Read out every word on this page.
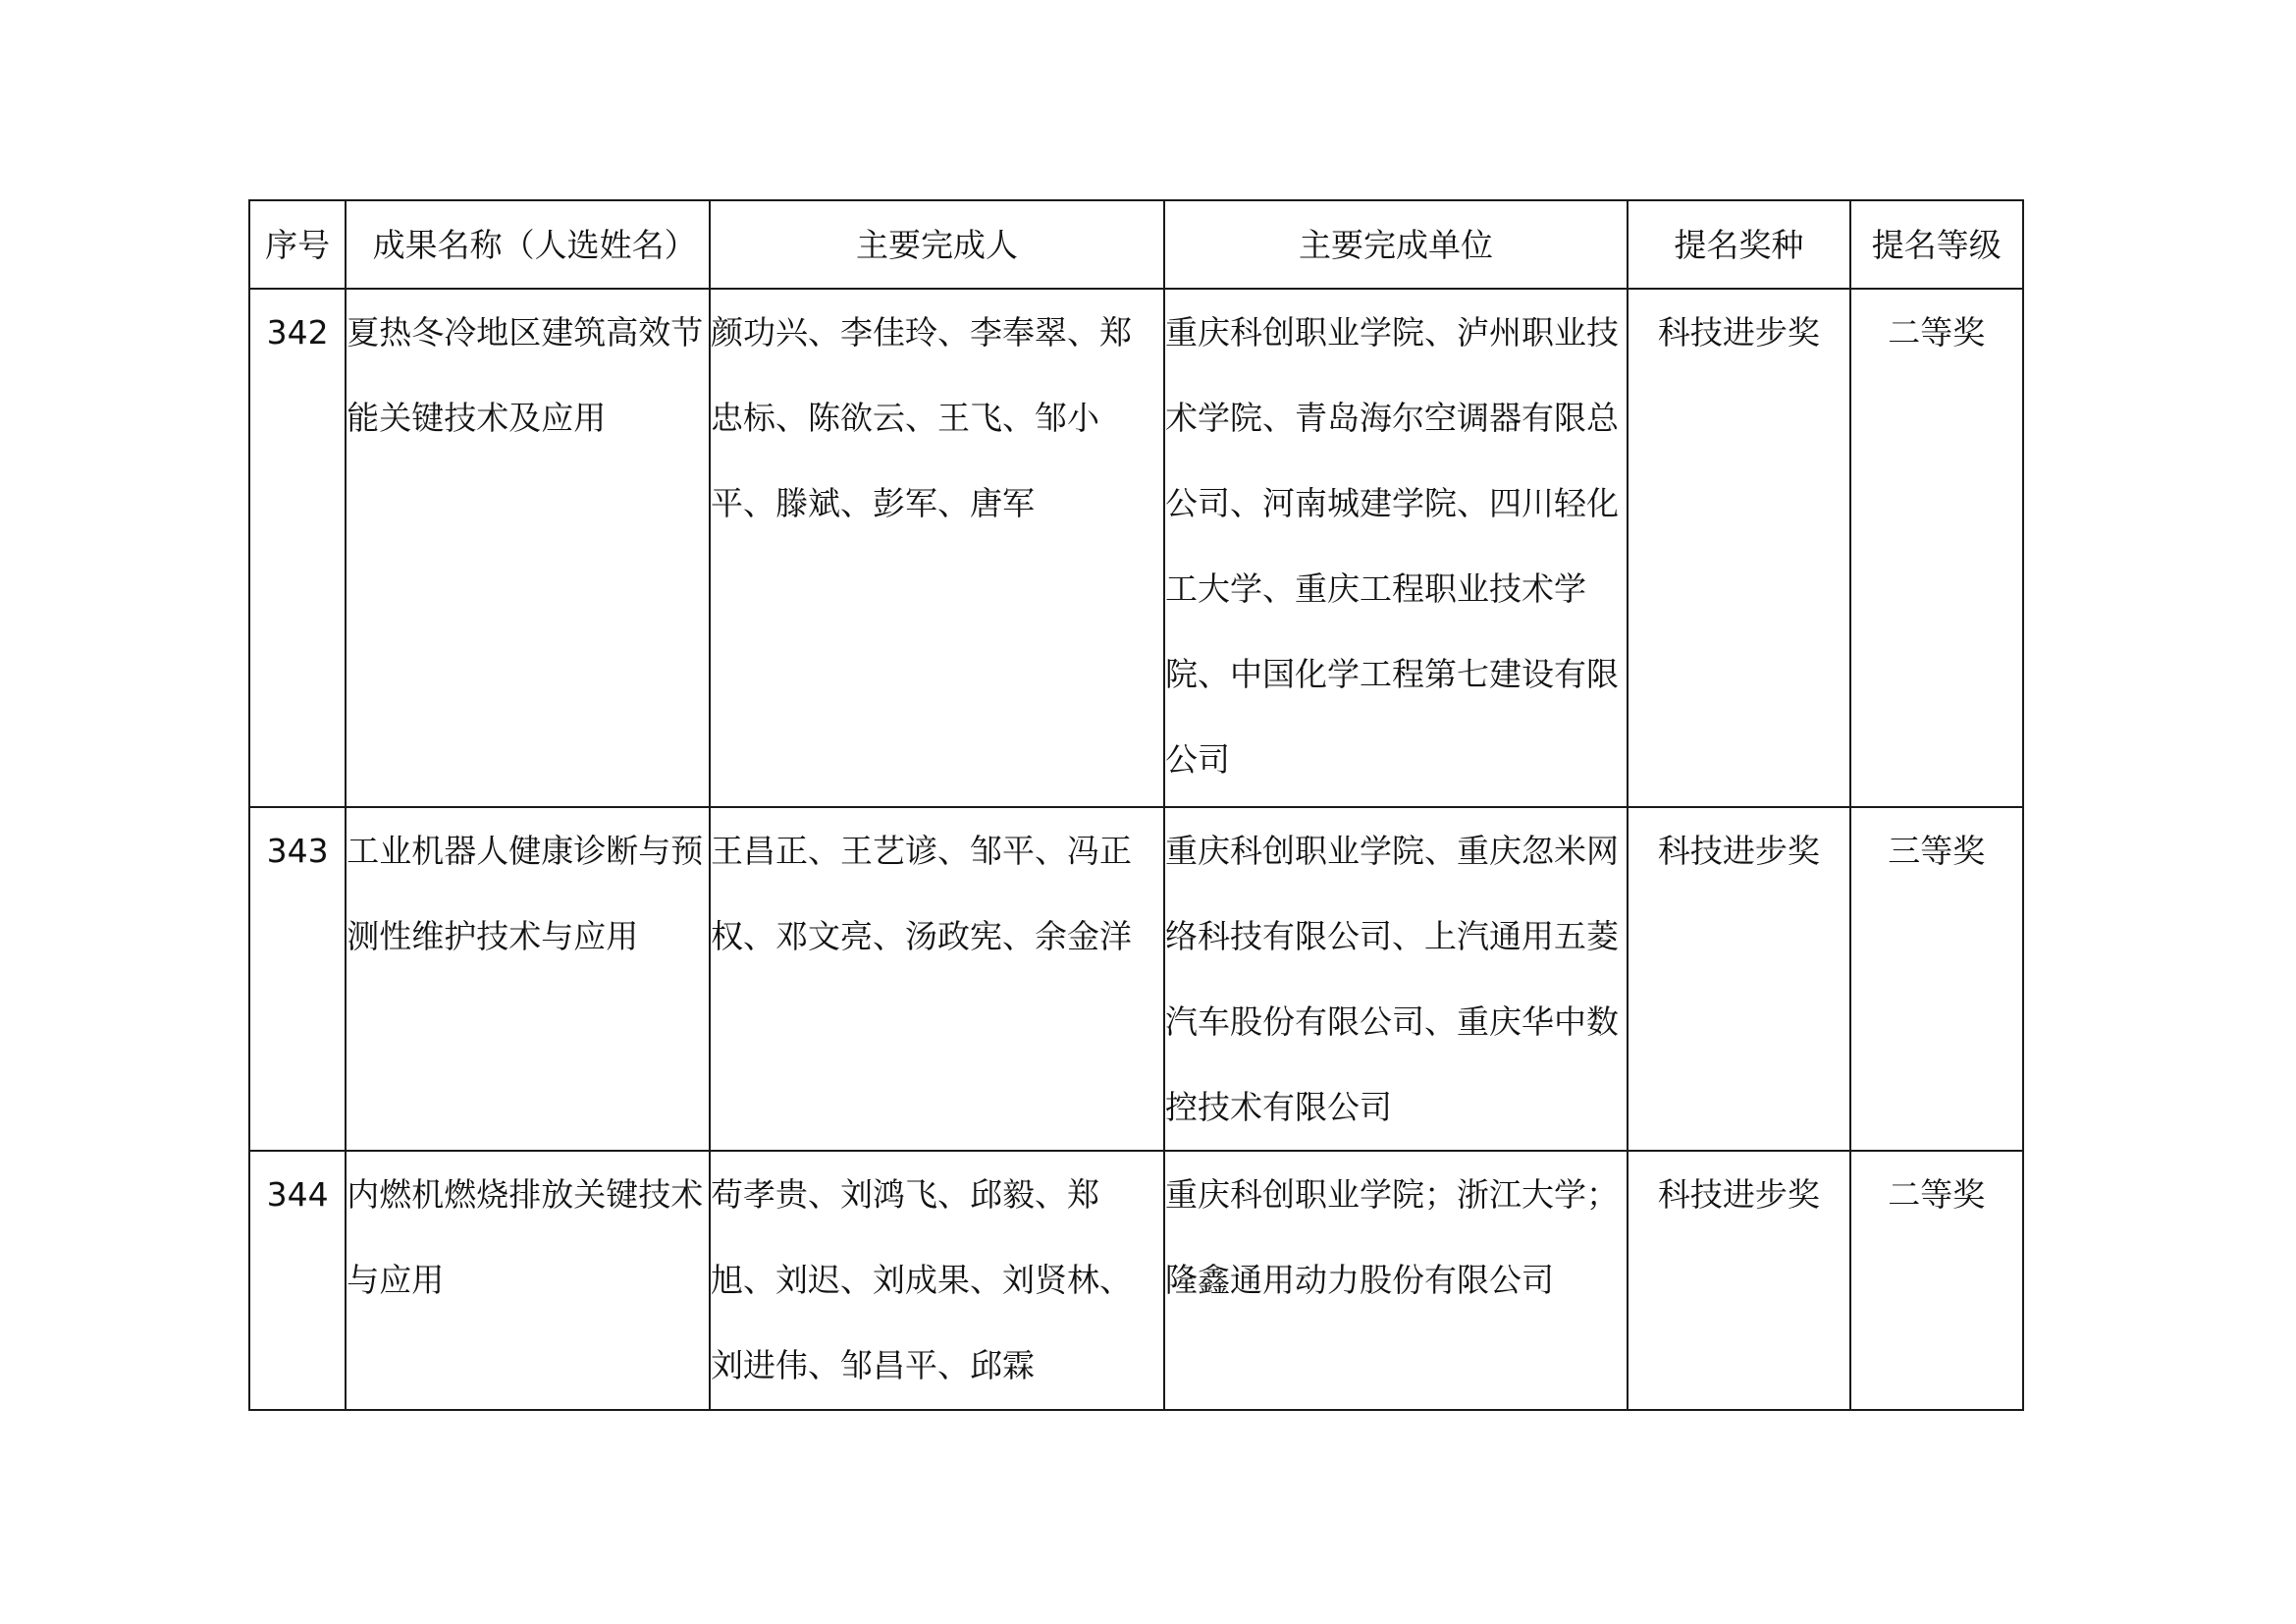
序号	成果名称（人选姓名）	主要完成人	主要完成单位	提名奖种	提名等级
342	夏热冬冷地区建筑高效节能关键技术及应用	颜功兴、李佳玲、李奉翠、郑忠标、陈欲云、王飞、邹小平、滕斌、彭军、唐军	重庆科创职业学院、泸州职业技术学院、青岛海尔空调器有限总公司、河南城建学院、四川轻化工大学、重庆工程职业技术学院、中国化学工程第七建设有限公司	科技进步奖	二等奖
343	工业机器人健康诊断与预测性维护技术与应用	王昌正、王艺谚、邹平、冯正权、邓文亮、汤政宪、余金洋	重庆科创职业学院、重庆忽米网络科技有限公司、上汽通用五菱汽车股份有限公司、重庆华中数控技术有限公司	科技进步奖	三等奖
344	内燃机燃烧排放关键技术与应用	苟孝贵、刘鸿飞、邱毅、郑旭、刘迟、刘成果、刘贤林、刘进伟、邹昌平、邱霖	重庆科创职业学院；浙江大学；隆鑫通用动力股份有限公司	科技进步奖	二等奖
